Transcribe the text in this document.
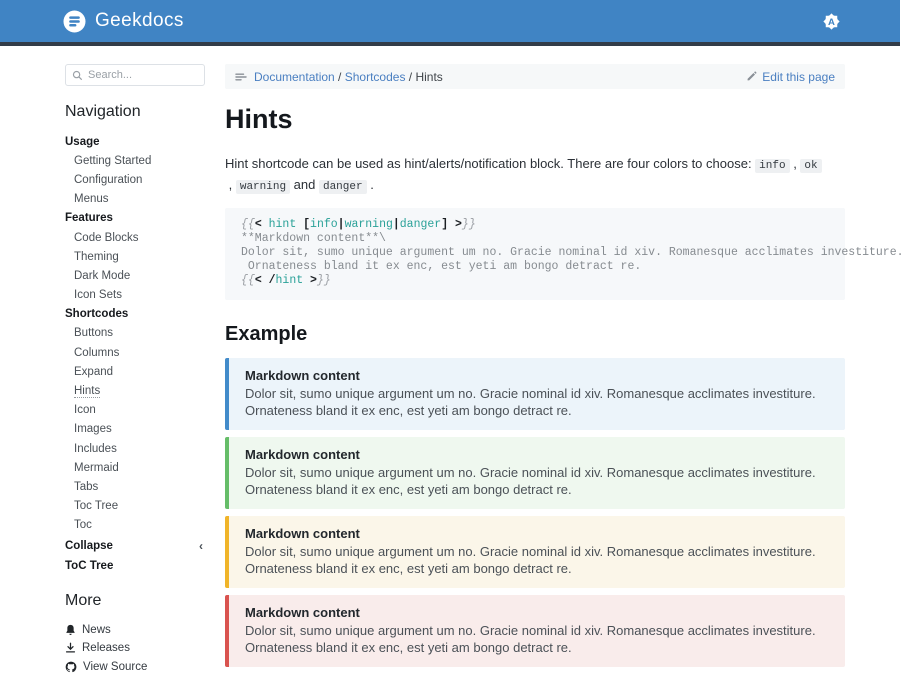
Geekdocs	A
Search...
Navigation
Usage
Getting Started
Configuration
Menus
Features
Code Blocks
Theming
Dark Mode
Icon Sets
Shortcodes
Buttons
Columns
Expand
Hints
Icon
Images
Includes
Mermaid
Tabs
Toc Tree
Toc
Collapse	‹
ToC Tree
More
News
Releases
View Source
Documentation / Shortcodes / Hints	Edit this page
Hints

Hint shortcode can be used as hint/alerts/notification block. There are four colors to choose: info , ok , warning and danger .

{{< hint [info|warning|danger] >}}
**Markdown content**\
Dolor sit, sumo unique argument um no. Gracie nominal id xiv. Romanesque acclimates investiture.
Ornateness bland it ex enc, est yeti am bongo detract re.
{{< /hint >}}
Example
Markdown content
Dolor sit, sumo unique argument um no. Gracie nominal id xiv. Romanesque acclimates investiture. Ornateness bland it ex enc, est yeti am bongo detract re.
Markdown content
Dolor sit, sumo unique argument um no. Gracie nominal id xiv. Romanesque acclimates investiture. Ornateness bland it ex enc, est yeti am bongo detract re.
Markdown content
Dolor sit, sumo unique argument um no. Gracie nominal id xiv. Romanesque acclimates investiture. Ornateness bland it ex enc, est yeti am bongo detract re.
Markdown content
Dolor sit, sumo unique argument um no. Gracie nominal id xiv. Romanesque acclimates investiture. Ornateness bland it ex enc, est yeti am bongo detract re.
